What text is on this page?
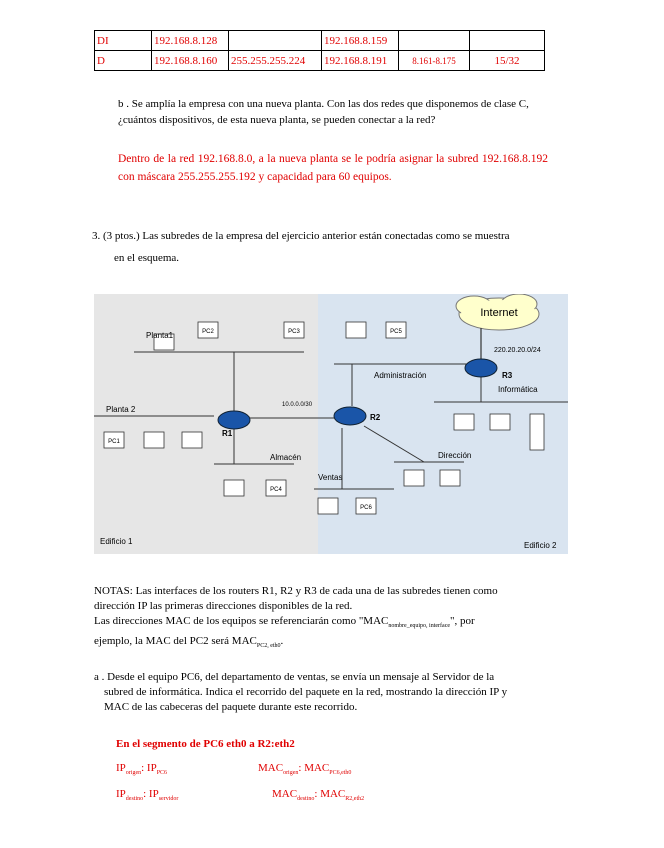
DI	192.168.8.128		192.168.8.159		
D	192.168.8.160	255.255.255.224	192.168.8.191	8.161-8.175	15/32
b . Se amplía la empresa con una nueva planta. Con las dos redes que disponemos de clase C, ¿cuántos dispositivos, de esta nueva planta, se pueden conectar a la red?
Dentro de la red 192.168.8.0, a la nueva planta se le podría asignar la subred 192.168.8.192 con máscara 255.255.255.192 y capacidad para 60 equipos.
3. (3 ptos.) Las subredes de la empresa del ejercicio anterior están conectadas como se muestra
en el esquema.
Internet
220.20.20.0/24
PC2	PC3
PC1
PC4
PC5
PC6
R1
R2
R3
Planta1
Planta 2
Almacén
Ventas
Administración
Informática
Dirección
Edificio 1	Edificio 2
10.0.0.0/30
NOTAS: Las interfaces de los routers R1, R2 y R3 de cada una de las subredes tienen como
dirección IP las primeras direcciones disponibles de la red.
Las direcciones MAC de los equipos se referenciarán como "$MAC_{nombre\_equipo, interface}$", por
ejemplo, la MAC del PC2 será $MAC_{PC2, eth0}$.
a . Desde el equipo PC6, del departamento de ventas, se envía un mensaje al Servidor de la
subred de informática. Indica el recorrido del paquete en la red, mostrando la dirección IP y
MAC de las cabeceras del paquete durante este recorrido.
En el segmento de PC6 eth0 a R2:eth2
$IP_{origen}$: $IP_{PC6}$	$MAC_{origen}$: $MAC_{PC6,eth0}$
$IP_{destino}$: $IP_{servidor}$	$MAC_{destino}$: $MAC_{R2,eth2}$
